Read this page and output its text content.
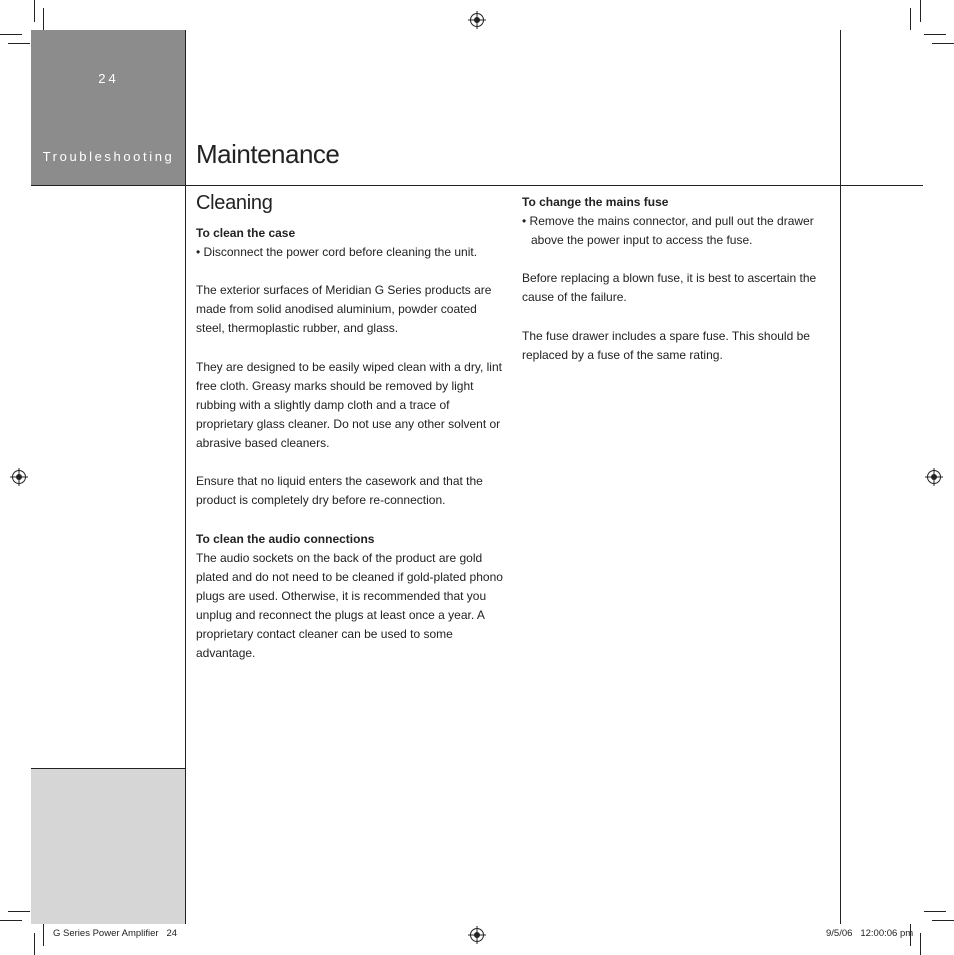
24
Troubleshooting Maintenance
Cleaning

To clean the case

• Disconnect the power cord before cleaning the unit.

The exterior surfaces of Meridian G Series products are made from solid anodised aluminium, powder coated steel, thermoplastic rubber, and glass.

They are designed to be easily wiped clean with a dry, lint free cloth. Greasy marks should be removed by light rubbing with a slightly damp cloth and a trace of proprietary glass cleaner. Do not use any other solvent or abrasive based cleaners.

Ensure that no liquid enters the casework and that the product is completely dry before re-connection.

To clean the audio connections

The audio sockets on the back of the product are gold plated and do not need to be cleaned if gold-plated phono plugs are used. Otherwise, it is recommended that you unplug and reconnect the plugs at least once a year. A proprietary contact cleaner can be used to some advantage.

To change the mains fuse

• Remove the mains connector, and pull out the drawer above the power input to access the fuse.

Before replacing a blown fuse, it is best to ascertain the cause of the failure.

The fuse drawer includes a spare fuse. This should be replaced by a fuse of the same rating.

G Series Power Amplifier   24	9/5/06   12:00:06 pm
